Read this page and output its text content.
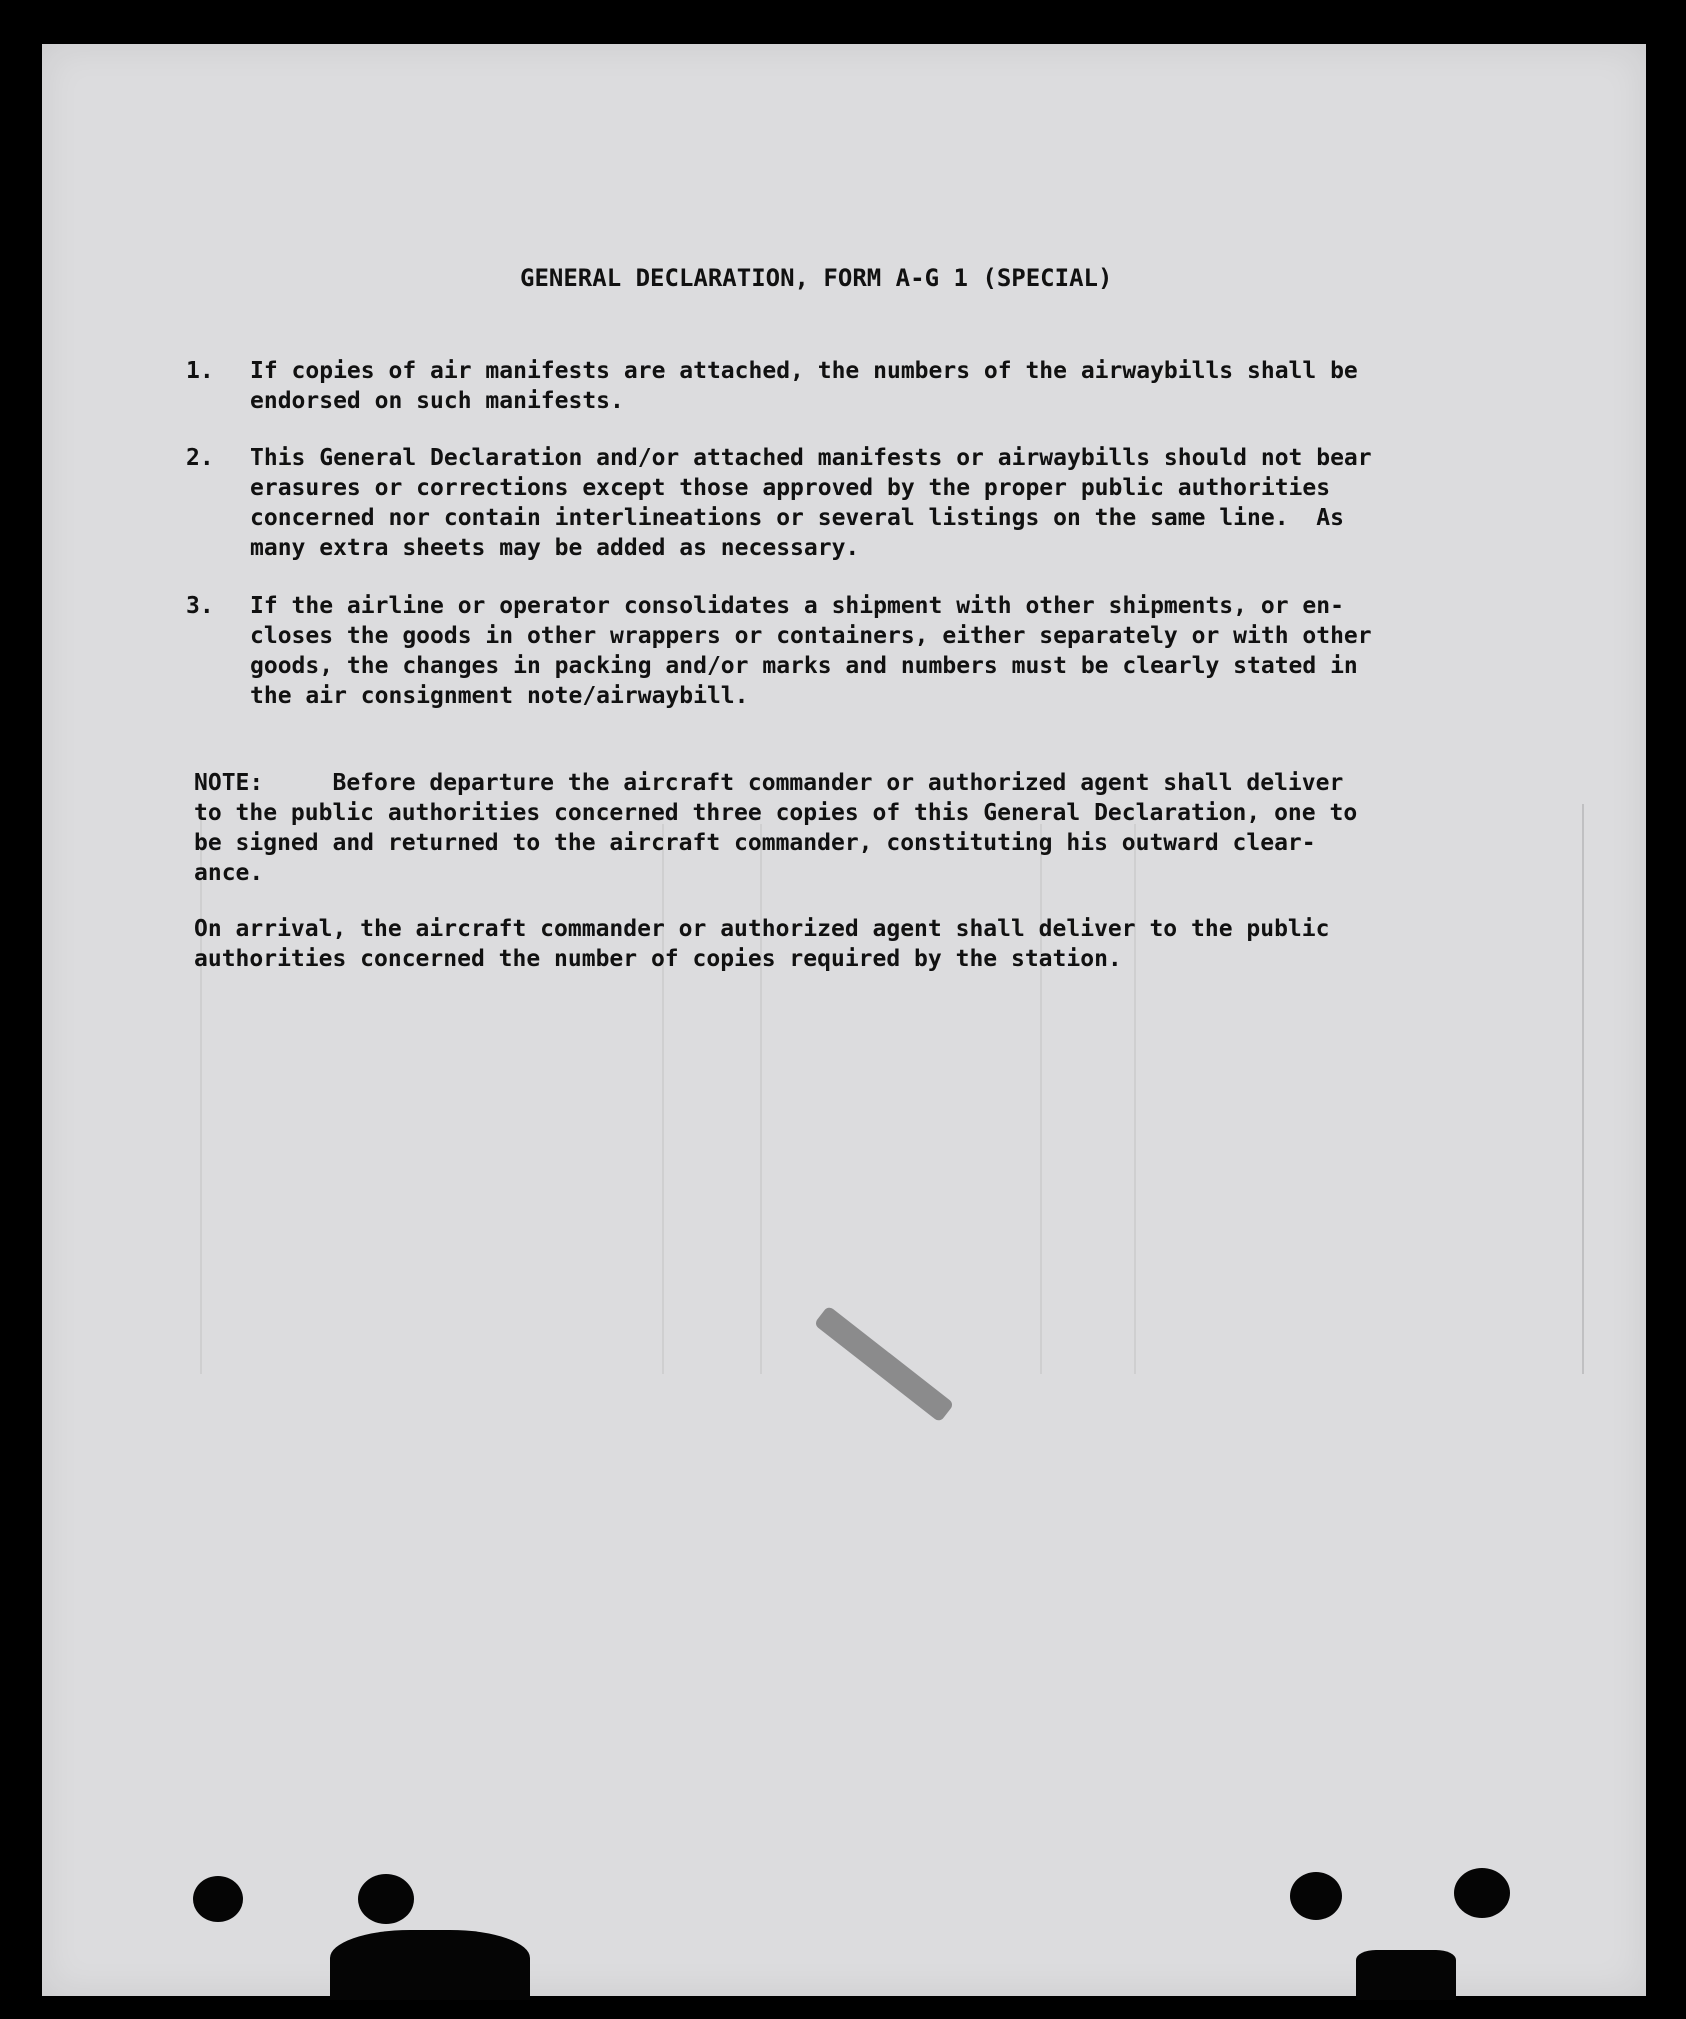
GENERAL DECLARATION, FORM A-G 1 (SPECIAL)
1. If copies of air manifests are attached, the numbers of the airwaybills shall be
endorsed on such manifests.
2. This General Declaration and/or attached manifests or airwaybills should not bear
erasures or corrections except those approved by the proper public authorities
concerned nor contain interlineations or several listings on the same line.  As
many extra sheets may be added as necessary.
3. If the airline or operator consolidates a shipment with other shipments, or en-
closes the goods in other wrappers or containers, either separately or with other
goods, the changes in packing and/or marks and numbers must be clearly stated in
the air consignment note/airwaybill.
NOTE:     Before departure the aircraft commander or authorized agent shall deliver
to the public authorities concerned three copies of this General Declaration, one to
be signed and returned to the aircraft commander, constituting his outward clear-
ance.
On arrival, the aircraft commander or authorized agent shall deliver to the public
authorities concerned the number of copies required by the station.
